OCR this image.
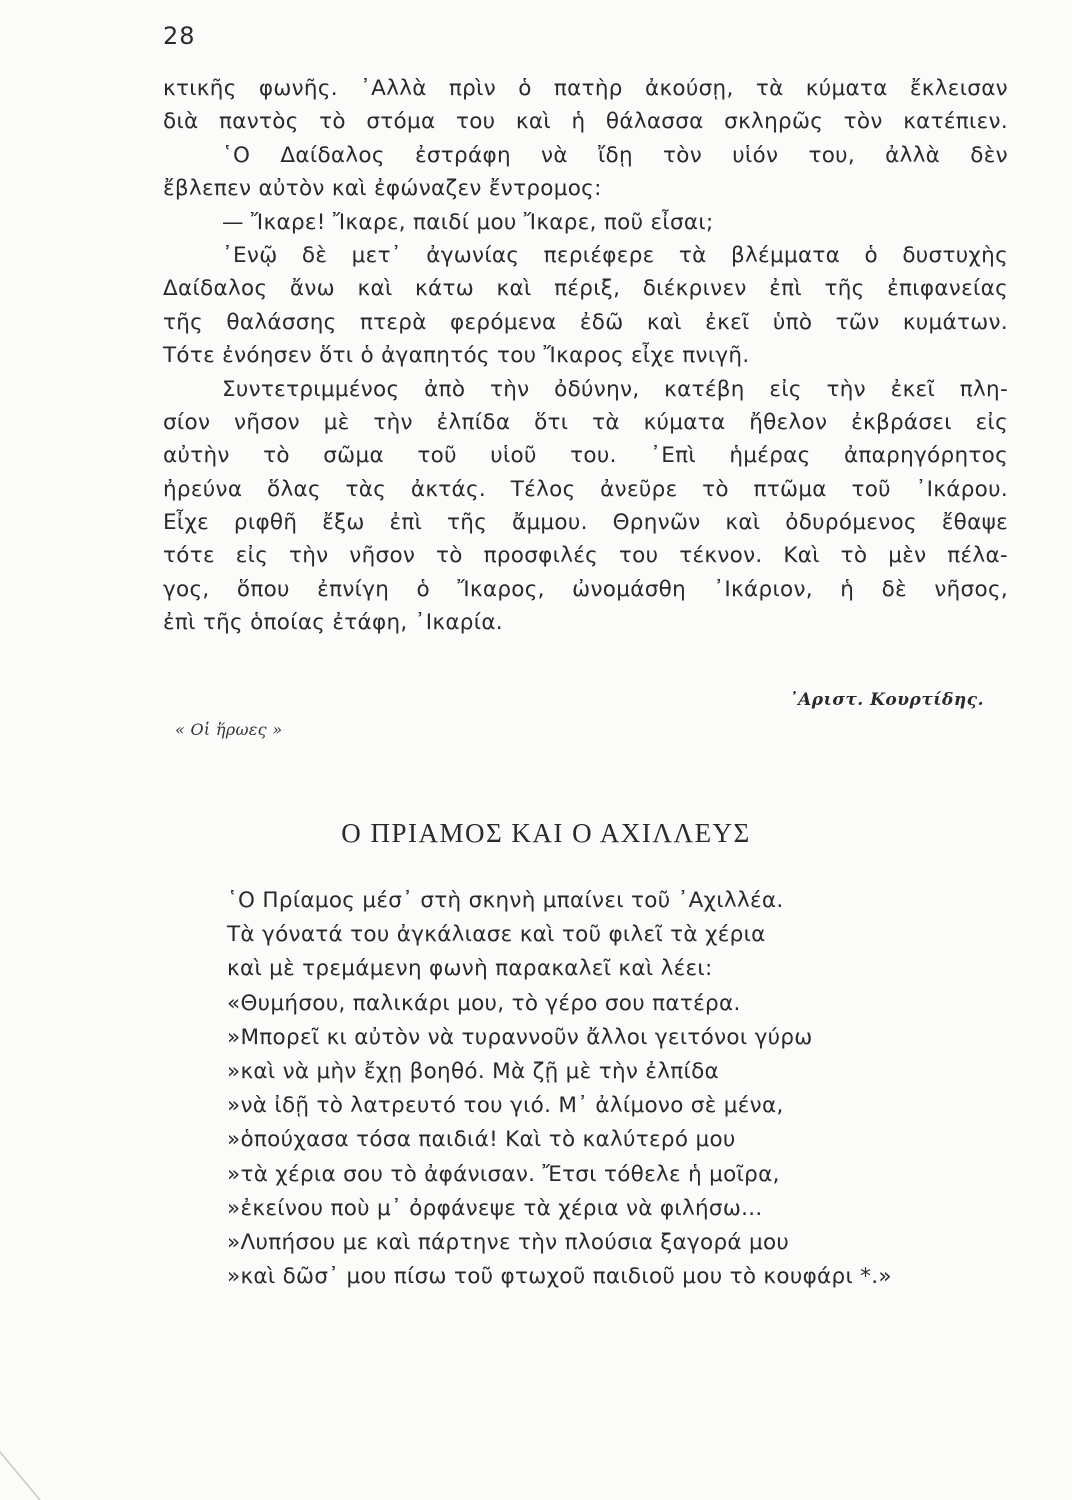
28
κτικῆς φωνῆς. ᾿Αλλὰ πρὶν ὁ πατὴρ ἀκούσῃ, τὰ κύματα ἔκλεισαν
διὰ παντὸς τὸ στόμα του καὶ ἡ θάλασσα σκληρῶς τὸν κατέπιεν.
῾Ο Δαίδαλος ἐστράφη νὰ ἴδῃ τὸν υἱόν του, ἀλλὰ δὲν
ἔβλεπεν αὐτὸν καὶ ἐφώναζεν ἔντρομος:
— Ἴκαρε! Ἴκαρε, παιδί μου Ἴκαρε, ποῦ εἶσαι;
᾿Ενῷ δὲ μετ᾿ ἀγωνίας περιέφερε τὰ βλέμματα ὁ δυστυχὴς
Δαίδαλος ἄνω καὶ κάτω καὶ πέριξ, διέκρινεν ἐπὶ τῆς ἐπιφανείας
τῆς θαλάσσης πτερὰ φερόμενα ἐδῶ καὶ ἐκεῖ ὑπὸ τῶν κυμάτων.
Τότε ἐνόησεν ὅτι ὁ ἀγαπητός του Ἴκαρος εἶχε πνιγῆ.
Συντετριμμένος ἀπὸ τὴν ὀδύνην, κατέβη εἰς τὴν ἐκεῖ πλη-
σίον νῆσον μὲ τὴν ἐλπίδα ὅτι τὰ κύματα ἤθελον ἐκβράσει εἰς
αὐτὴν τὸ σῶμα τοῦ υἱοῦ του. ᾿Επὶ ἡμέρας ἀπαρηγόρητος
ἠρεύνα ὅλας τὰς ἀκτάς. Τέλος ἀνεῦρε τὸ πτῶμα τοῦ ᾿Ικάρου.
Εἶχε ριφθῆ ἔξω ἐπὶ τῆς ἄμμου. Θρηνῶν καὶ ὀδυρόμενος ἔθαψε
τότε εἰς τὴν νῆσον τὸ προσφιλές του τέκνον. Καὶ τὸ μὲν πέλα-
γος, ὅπου ἐπνίγη ὁ Ἴκαρος, ὠνομάσθη ᾿Ικάριον, ἡ δὲ νῆσος,
ἐπὶ τῆς ὁποίας ἐτάφη, ᾿Ικαρία.
᾿Αριστ. Κουρτίδης.
« Οἱ ἥρωες »
Ο ΠΡΙΑΜΟΣ ΚΑΙ Ο ΑΧΙΛΛΕΥΣ
῾Ο Πρίαμος μέσ᾿ στὴ σκηνὴ μπαίνει τοῦ ᾿Αχιλλέα.
Τὰ γόνατά του ἀγκάλιασε καὶ τοῦ φιλεῖ τὰ χέρια
καὶ μὲ τρεμάμενη φωνὴ παρακαλεῖ καὶ λέει:
«Θυμήσου, παλικάρι μου, τὸ γέρο σου πατέρα.
»Μπορεῖ κι αὐτὸν νὰ τυραννοῦν ἄλλοι γειτόνοι γύρω
»καὶ νὰ μὴν ἔχῃ βοηθό. Μὰ ζῇ μὲ τὴν ἐλπίδα
»νὰ ἰδῇ τὸ λατρευτό του γιό. Μ᾿ ἀλίμονο σὲ μένα,
»ὁπούχασα τόσα παιδιά! Καὶ τὸ καλύτερό μου
»τὰ χέρια σου τὸ ἀφάνισαν. Ἔτσι τόθελε ἡ μοῖρα,
»ἐκείνου ποὺ μ᾿ ὀρφάνεψε τὰ χέρια νὰ φιλήσω...
»Λυπήσου με καὶ πάρτηνε τὴν πλούσια ξαγορά μου
»καὶ δῶσ᾿ μου πίσω τοῦ φτωχοῦ παιδιοῦ μου τὸ κουφάρι *.»
